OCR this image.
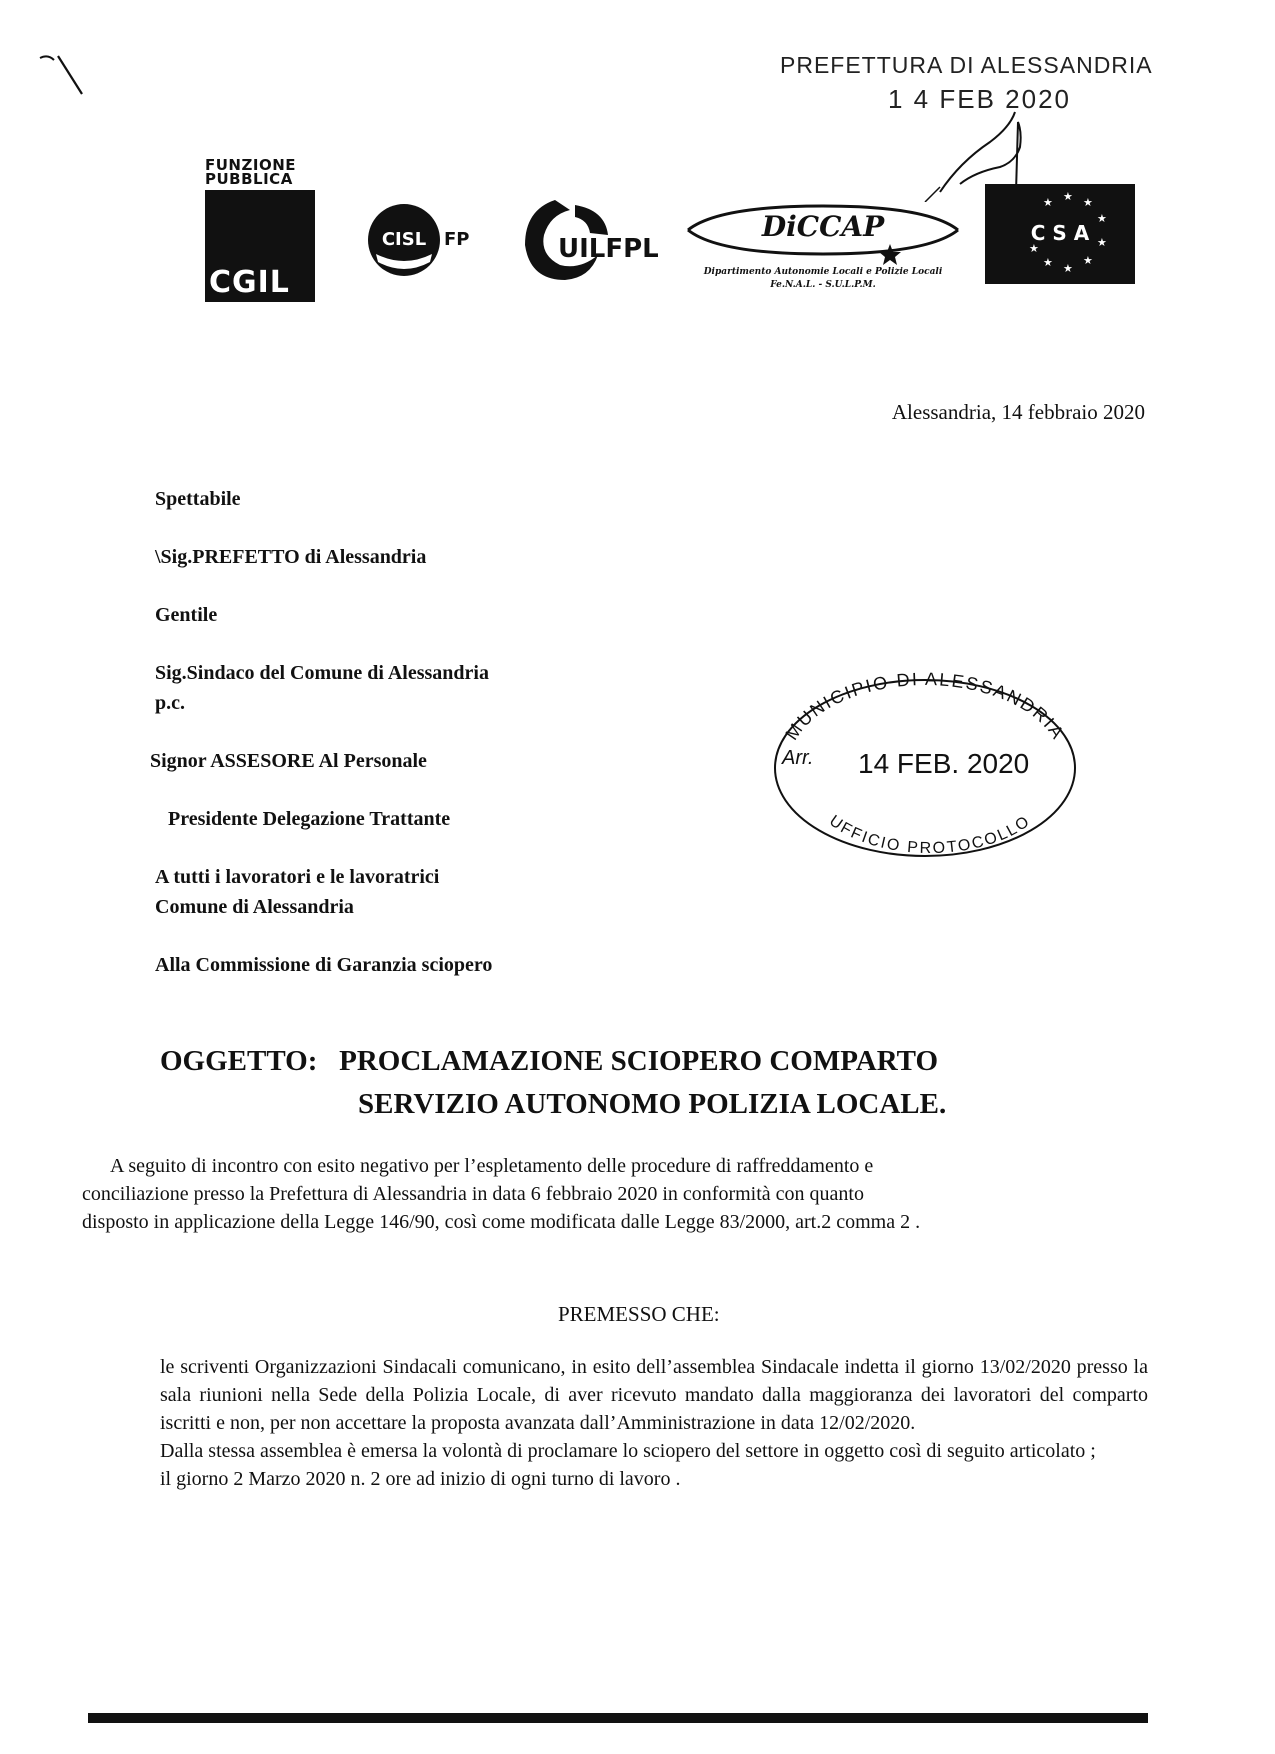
PREFETTURA DI ALESSANDRIA
1 4 FEB 2020
FUNZIONE
PUBBLICA
CGIL
CISL FP	UILFPL
DiCCAP
Dipartimento Autonomie Locali e Polizie Locali
Fe.N.A.L. - S.U.L.P.M.
★ ★ ★
★
★
★
★
★
★
C S A
Alessandria, 14 febbraio 2020
Spettabile
\Sig.PREFETTO di Alessandria
Gentile
Sig.Sindaco del Comune di Alessandria
p.c.
Signor ASSESORE Al Personale
Presidente Delegazione Trattante
A tutti i lavoratori e le lavoratrici
Comune di Alessandria
Alla Commissione di Garanzia sciopero
MUNICIPIO DI ALESSANDRIA
Arr. 14 FEB. 2020
UFFICIO PROTOCOLLO
OGGETTO: PROCLAMAZIONE SCIOPERO COMPARTO
SERVIZIO AUTONOMO POLIZIA LOCALE.

A seguito di incontro con esito negativo per l’espletamento delle procedure di raffreddamento e

conciliazione presso la Prefettura di Alessandria in data 6 febbraio 2020 in conformità con quanto

disposto in applicazione della Legge 146/90, così come modificata dalle Legge 83/2000, art.2 comma 2 .

PREMESSO CHE:

le scriventi Organizzazioni Sindacali comunicano, in esito dell’assemblea Sindacale indetta il giorno 13/02/2020 presso la sala riunioni nella Sede della Polizia Locale, di aver ricevuto mandato dalla maggioranza dei lavoratori del comparto iscritti e non, per non accettare la proposta avanzata dall’Amministrazione in data 12/02/2020.

Dalla stessa assemblea è emersa la volontà di proclamare lo sciopero del settore in oggetto così di seguito articolato ;

il giorno 2 Marzo 2020 n. 2 ore ad inizio di ogni turno di lavoro .
